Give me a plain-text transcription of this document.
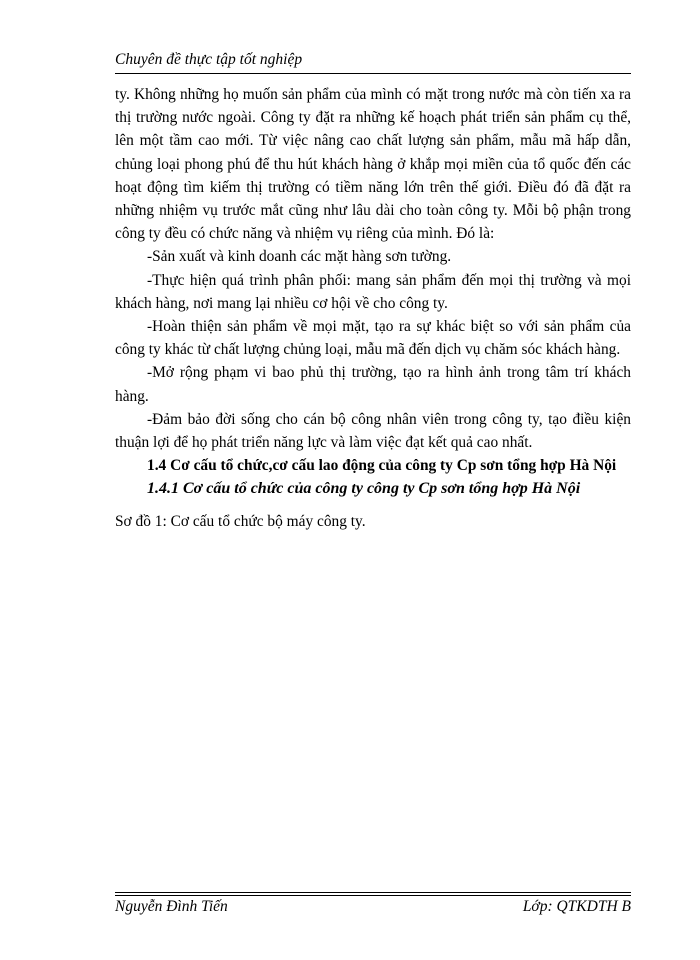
Chuyên đề thực tập tốt nghiệp

ty. Không những họ muốn sản phẩm của mình có mặt trong nước mà còn tiến xa ra thị trường nước ngoài. Công ty đặt ra những kế hoạch phát triển sản phẩm cụ thể, lên một tầm cao mới. Từ việc nâng cao chất lượng sản phẩm, mẫu mã hấp dẫn, chủng loại phong phú để thu hút khách hàng ở khắp mọi miền của tổ quốc đến các hoạt động tìm kiếm thị trường có tiềm năng lớn trên thế giới. Điều đó đã đặt ra những nhiệm vụ trước mắt cũng như lâu dài cho toàn công ty. Mỗi bộ phận trong công ty đều có chức năng và nhiệm vụ riêng của mình. Đó là:

-Sản xuất và kinh doanh các mặt hàng sơn tường.

-Thực hiện quá trình phân phối: mang sản phẩm đến mọi thị trường và mọi khách hàng, nơi mang lại nhiều cơ hội về cho công ty.

-Hoàn thiện sản phẩm về mọi mặt, tạo ra sự khác biệt so với sản phẩm của công ty khác từ chất lượng chủng loại, mẫu mã đến dịch vụ chăm sóc khách hàng.

-Mở rộng phạm vi bao phủ thị trường, tạo ra hình ảnh trong tâm trí khách hàng.

-Đảm bảo đời sống cho cán bộ công nhân viên trong công ty, tạo điều kiện thuận lợi để họ phát triển năng lực và làm việc đạt kết quả cao nhất.

1.4 Cơ cấu tổ chức,cơ cấu lao động của công ty Cp sơn tổng hợp Hà Nội

1.4.1 Cơ cấu tổ chức của công ty công ty Cp sơn tổng hợp Hà Nội

Sơ đồ 1: Cơ cấu tổ chức bộ máy công ty.

Nguyễn Đình Tiến	Lớp: QTKDTH B
